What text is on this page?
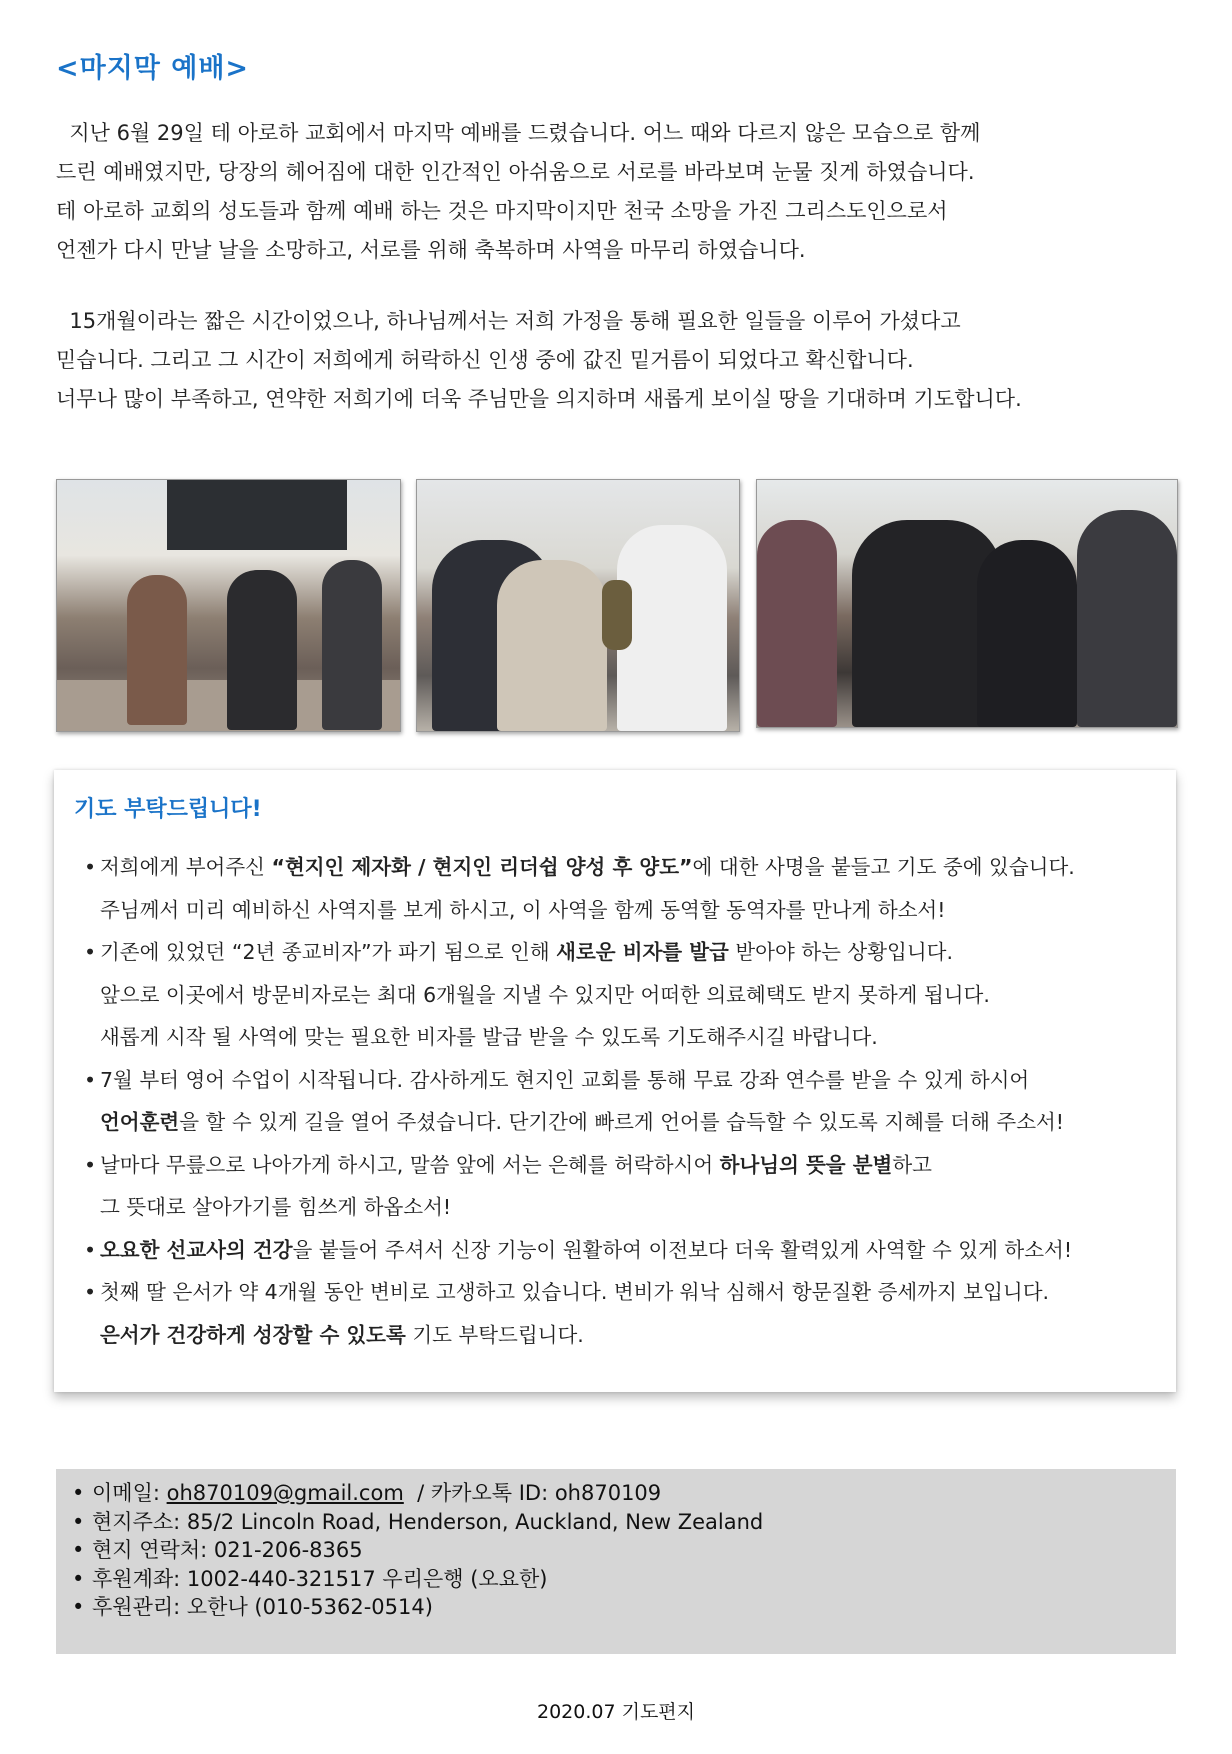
<마지막 예배>

지난 6월 29일 테 아로하 교회에서 마지막 예배를 드렸습니다. 어느 때와 다르지 않은 모습으로 함께
드린 예배였지만, 당장의 헤어짐에 대한 인간적인 아쉬움으로 서로를 바라보며 눈물 짓게 하였습니다.
테 아로하 교회의 성도들과 함께 예배 하는 것은 마지막이지만 천국 소망을 가진 그리스도인으로서
언젠가 다시 만날 날을 소망하고, 서로를 위해 축복하며 사역을 마무리 하였습니다.

15개월이라는 짧은 시간이었으나, 하나님께서는 저희 가정을 통해 필요한 일들을 이루어 가셨다고
믿습니다. 그리고 그 시간이 저희에게 허락하신 인생 중에 값진 밑거름이 되었다고 확신합니다.
너무나 많이 부족하고, 연약한 저희기에 더욱 주님만을 의지하며 새롭게 보이실 땅을 기대하며 기도합니다.

기도 부탁드립니다!
• 저희에게 부어주신 “현지인 제자화 / 현지인 리더쉽 양성 후 양도”에 대한 사명을 붙들고 기도 중에 있습니다.
주님께서 미리 예비하신 사역지를 보게 하시고, 이 사역을 함께 동역할 동역자를 만나게 하소서!
• 기존에 있었던 “2년 종교비자”가 파기 됨으로 인해 새로운 비자를 발급 받아야 하는 상황입니다.
앞으로 이곳에서 방문비자로는 최대 6개월을 지낼 수 있지만 어떠한 의료혜택도 받지 못하게 됩니다.
새롭게 시작 될 사역에 맞는 필요한 비자를 발급 받을 수 있도록 기도해주시길 바랍니다.
• 7월 부터 영어 수업이 시작됩니다. 감사하게도 현지인 교회를 통해 무료 강좌 연수를 받을 수 있게 하시어
언어훈련을 할 수 있게 길을 열어 주셨습니다. 단기간에 빠르게 언어를 습득할 수 있도록 지혜를 더해 주소서!
• 날마다 무릎으로 나아가게 하시고, 말씀 앞에 서는 은혜를 허락하시어 하나님의 뜻을 분별하고
그 뜻대로 살아가기를 힘쓰게 하옵소서!
• 오요한 선교사의 건강을 붙들어 주셔서 신장 기능이 원활하여 이전보다 더욱 활력있게 사역할 수 있게 하소서!
• 첫째 딸 은서가 약 4개월 동안 변비로 고생하고 있습니다. 변비가 워낙 심해서 항문질환 증세까지 보입니다.
은서가 건강하게 성장할 수 있도록 기도 부탁드립니다.
• 이메일: oh870109@gmail.com  / 카카오톡 ID: oh870109
• 현지주소: 85/2 Lincoln Road, Henderson, Auckland, New Zealand
• 현지 연락처: 021-206-8365
• 후원계좌: 1002-440-321517 우리은행 (오요한)
• 후원관리: 오한나 (010-5362-0514)
2020.07 기도편지
